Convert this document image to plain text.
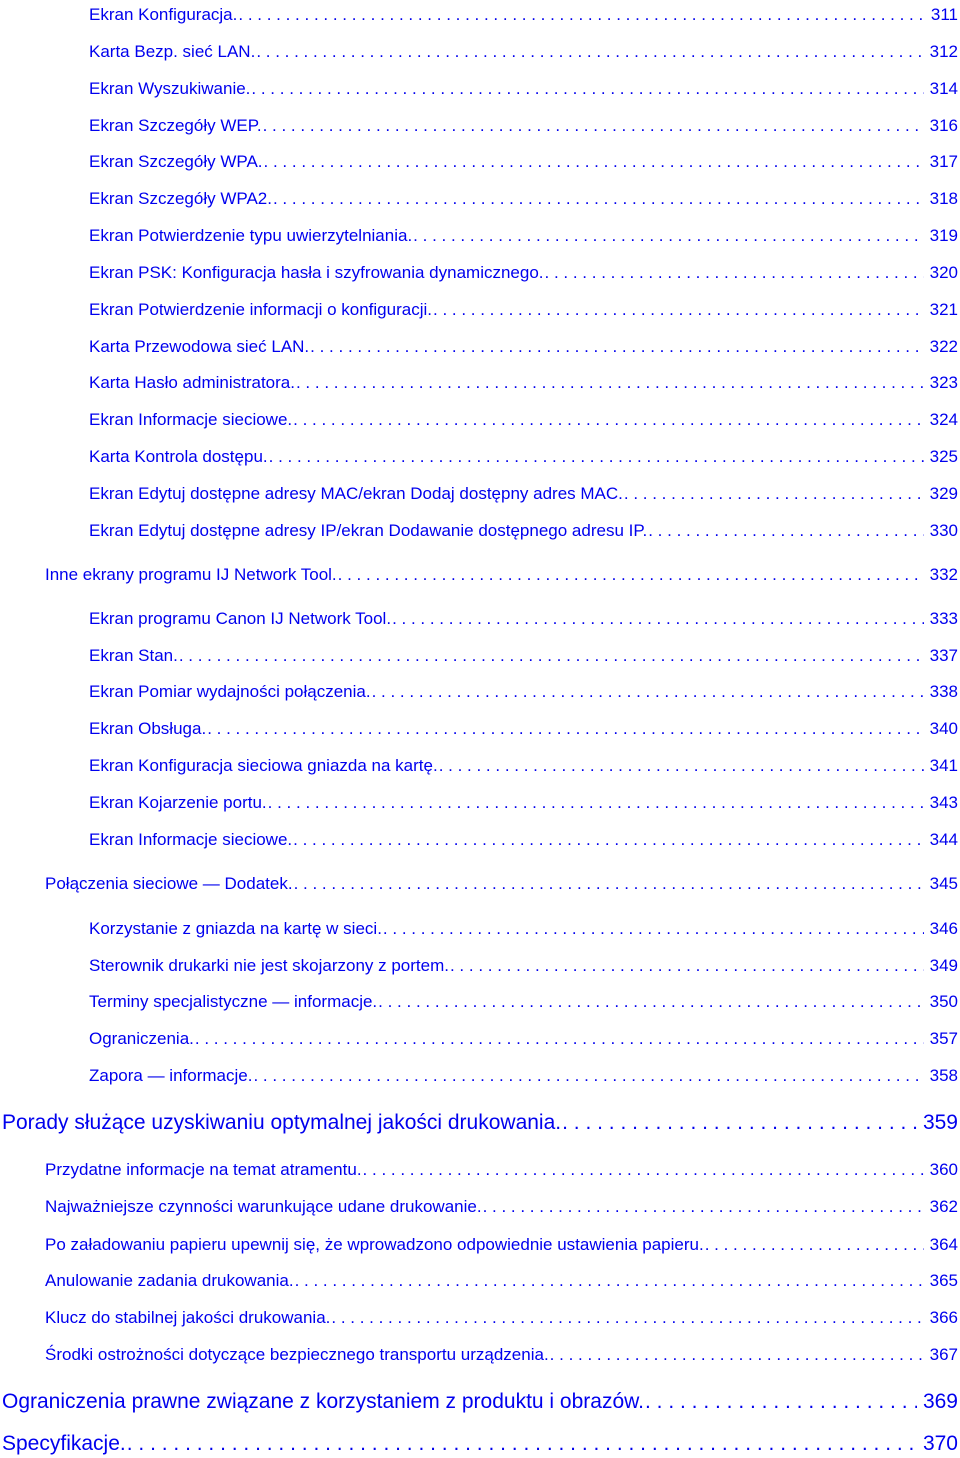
Ekran Konfiguracja. . . .	311
Karta Bezp. sieć LAN. . . .	312
Ekran Wyszukiwanie. . . .	314
Ekran Szczegóły WEP. . . .	316
Ekran Szczegóły WPA. . . .	317
Ekran Szczegóły WPA2. . . .	318
Ekran Potwierdzenie typu uwierzytelniania. . . .	319
Ekran PSK: Konfiguracja hasła i szyfrowania dynamicznego. . . .	320
Ekran Potwierdzenie informacji o konfiguracji. . . .	321
Karta Przewodowa sieć LAN. . . .	322
Karta Hasło administratora. . . .	323
Ekran Informacje sieciowe. . . .	324
Karta Kontrola dostępu. . . .	325
Ekran Edytuj dostępne adresy MAC/ekran Dodaj dostępny adres MAC. . . .	329
Ekran Edytuj dostępne adresy IP/ekran Dodawanie dostępnego adresu IP. . . .	330
Inne ekrany programu IJ Network Tool. . . .	332
Ekran programu Canon IJ Network Tool. . . .	333
Ekran Stan. . . .	337
Ekran Pomiar wydajności połączenia. . . .	338
Ekran Obsługa. . . .	340
Ekran Konfiguracja sieciowa gniazda na kartę. . . .	341
Ekran Kojarzenie portu. . . .	343
Ekran Informacje sieciowe. . . .	344
Połączenia sieciowe — Dodatek. . . .	345
Korzystanie z gniazda na kartę w sieci. . . .	346
Sterownik drukarki nie jest skojarzony z portem. . . .	349
Terminy specjalistyczne — informacje. . . .	350
Ograniczenia. . . .	357
Zapora — informacje. . . .	358
Porady służące uzyskiwaniu optymalnej jakości drukowania. . . .	359
Przydatne informacje na temat atramentu. . . .	360
Najważniejsze czynności warunkujące udane drukowanie. . . .	362
Po załadowaniu papieru upewnij się, że wprowadzono odpowiednie ustawienia papieru. . . .	364
Anulowanie zadania drukowania. . . .	365
Klucz do stabilnej jakości drukowania. . . .	366
Środki ostrożności dotyczące bezpiecznego transportu urządzenia. . . .	367
Ograniczenia prawne związane z korzystaniem z produktu i obrazów. . . .	369
Specyfikacje. . . .	370
